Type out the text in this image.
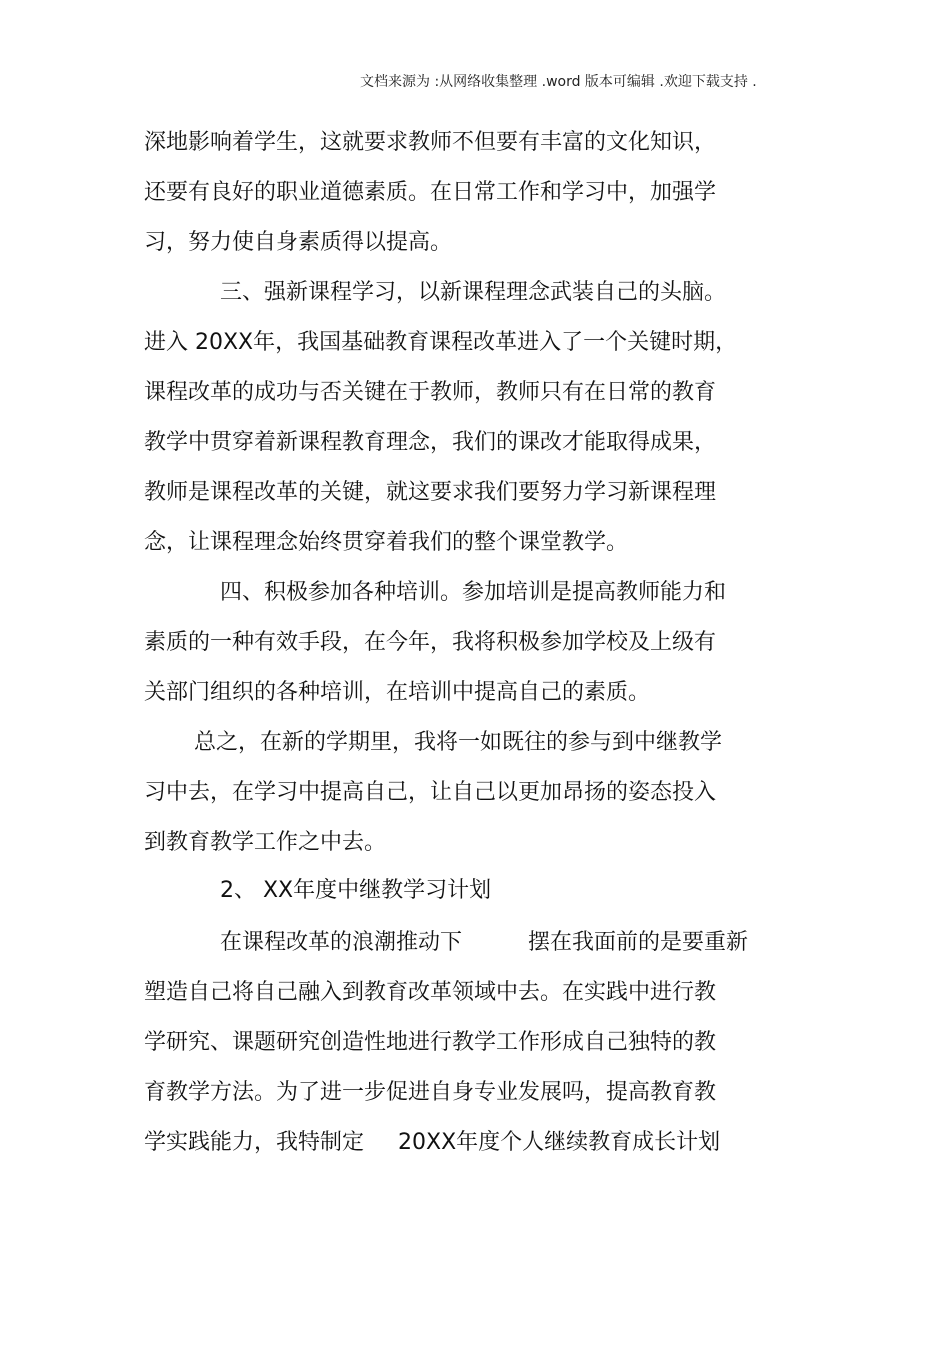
文档来源为 :从网络收集整理 .word 版本可编辑 .欢迎下载支持 .
深地影响着学生，这就要求教师不但要有丰富的文化知识，
还要有良好的职业道德素质。在日常工作和学习中，加强学
习，努力使自身素质得以提高。
三、强新课程学习，以新课程理念武装自己的头脑。
进入 20XX年，我国基础教育课程改革进入了一个关键时期，
课程改革的成功与否关键在于教师，教师只有在日常的教育
教学中贯穿着新课程教育理念，我们的课改才能取得成果，
教师是课程改革的关键，就这要求我们要努力学习新课程理
念，让课程理念始终贯穿着我们的整个课堂教学。
四、积极参加各种培训。参加培训是提高教师能力和
素质的一种有效手段，在今年，我将积极参加学校及上级有
关部门组织的各种培训，在培训中提高自己的素质。
总之，在新的学期里，我将一如既往的参与到中继教学
习中去，在学习中提高自己，让自己以更加昂扬的姿态投入
到教育教学工作之中去。
2、 XX年度中继教学习计划
在课程改革的浪潮推动下	摆在我面前的是要重新
塑造自己将自己融入到教育改革领域中去。在实践中进行教
学研究、课题研究创造性地进行教学工作形成自己独特的教
育教学方法。为了进一步促进自身专业发展吗，提高教育教
学实践能力，我特制定 20XX年度个人继续教育成长计划
